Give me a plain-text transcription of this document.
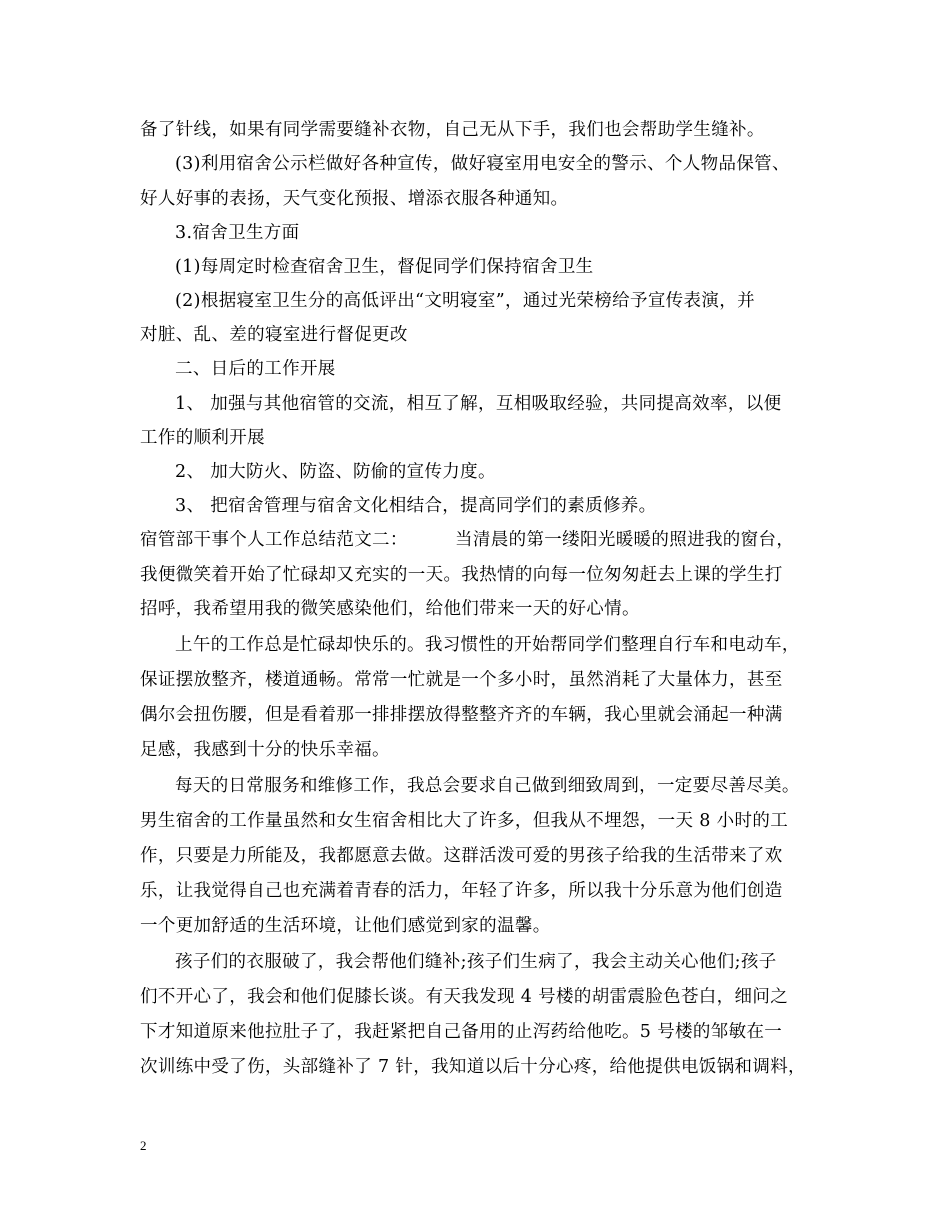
备了针线，如果有同学需要缝补衣物，自己无从下手，我们也会帮助学生缝补。
(3)利用宿舍公示栏做好各种宣传，做好寝室用电安全的警示、个人物品保管、
好人好事的表扬，天气变化预报、增添衣服各种通知。
3.宿舍卫生方面
(1)每周定时检查宿舍卫生，督促同学们保持宿舍卫生
(2)根据寝室卫生分的高低评出“文明寝室”，通过光荣榜给予宣传表演，并
对脏、乱、差的寝室进行督促更改
二、日后的工作开展
1、 加强与其他宿管的交流，相互了解，互相吸取经验，共同提高效率，以便
工作的顺利开展
2、 加大防火、防盗、防偷的宣传力度。
3、 把宿舍管理与宿舍文化相结合，提高同学们的素质修养。
宿管部干事个人工作总结范文二：        当清晨的第一缕阳光暖暖的照进我的窗台，
我便微笑着开始了忙碌却又充实的一天。我热情的向每一位匆匆赶去上课的学生打
招呼，我希望用我的微笑感染他们，给他们带来一天的好心情。
上午的工作总是忙碌却快乐的。我习惯性的开始帮同学们整理自行车和电动车，
保证摆放整齐，楼道通畅。常常一忙就是一个多小时，虽然消耗了大量体力，甚至
偶尔会扭伤腰，但是看着那一排排摆放得整整齐齐的车辆，我心里就会涌起一种满
足感，我感到十分的快乐幸福。
每天的日常服务和维修工作，我总会要求自己做到细致周到，一定要尽善尽美。
男生宿舍的工作量虽然和女生宿舍相比大了许多，但我从不埋怨，一天 8 小时的工
作，只要是力所能及，我都愿意去做。这群活泼可爱的男孩子给我的生活带来了欢
乐，让我觉得自己也充满着青春的活力，年轻了许多，所以我十分乐意为他们创造
一个更加舒适的生活环境，让他们感觉到家的温馨。
孩子们的衣服破了，我会帮他们缝补;孩子们生病了，我会主动关心他们;孩子
们不开心了，我会和他们促膝长谈。有天我发现 4 号楼的胡雷震脸色苍白，细问之
下才知道原来他拉肚子了，我赶紧把自己备用的止泻药给他吃。5 号楼的邹敏在一
次训练中受了伤，头部缝补了 7 针，我知道以后十分心疼，给他提供电饭锅和调料，
2
